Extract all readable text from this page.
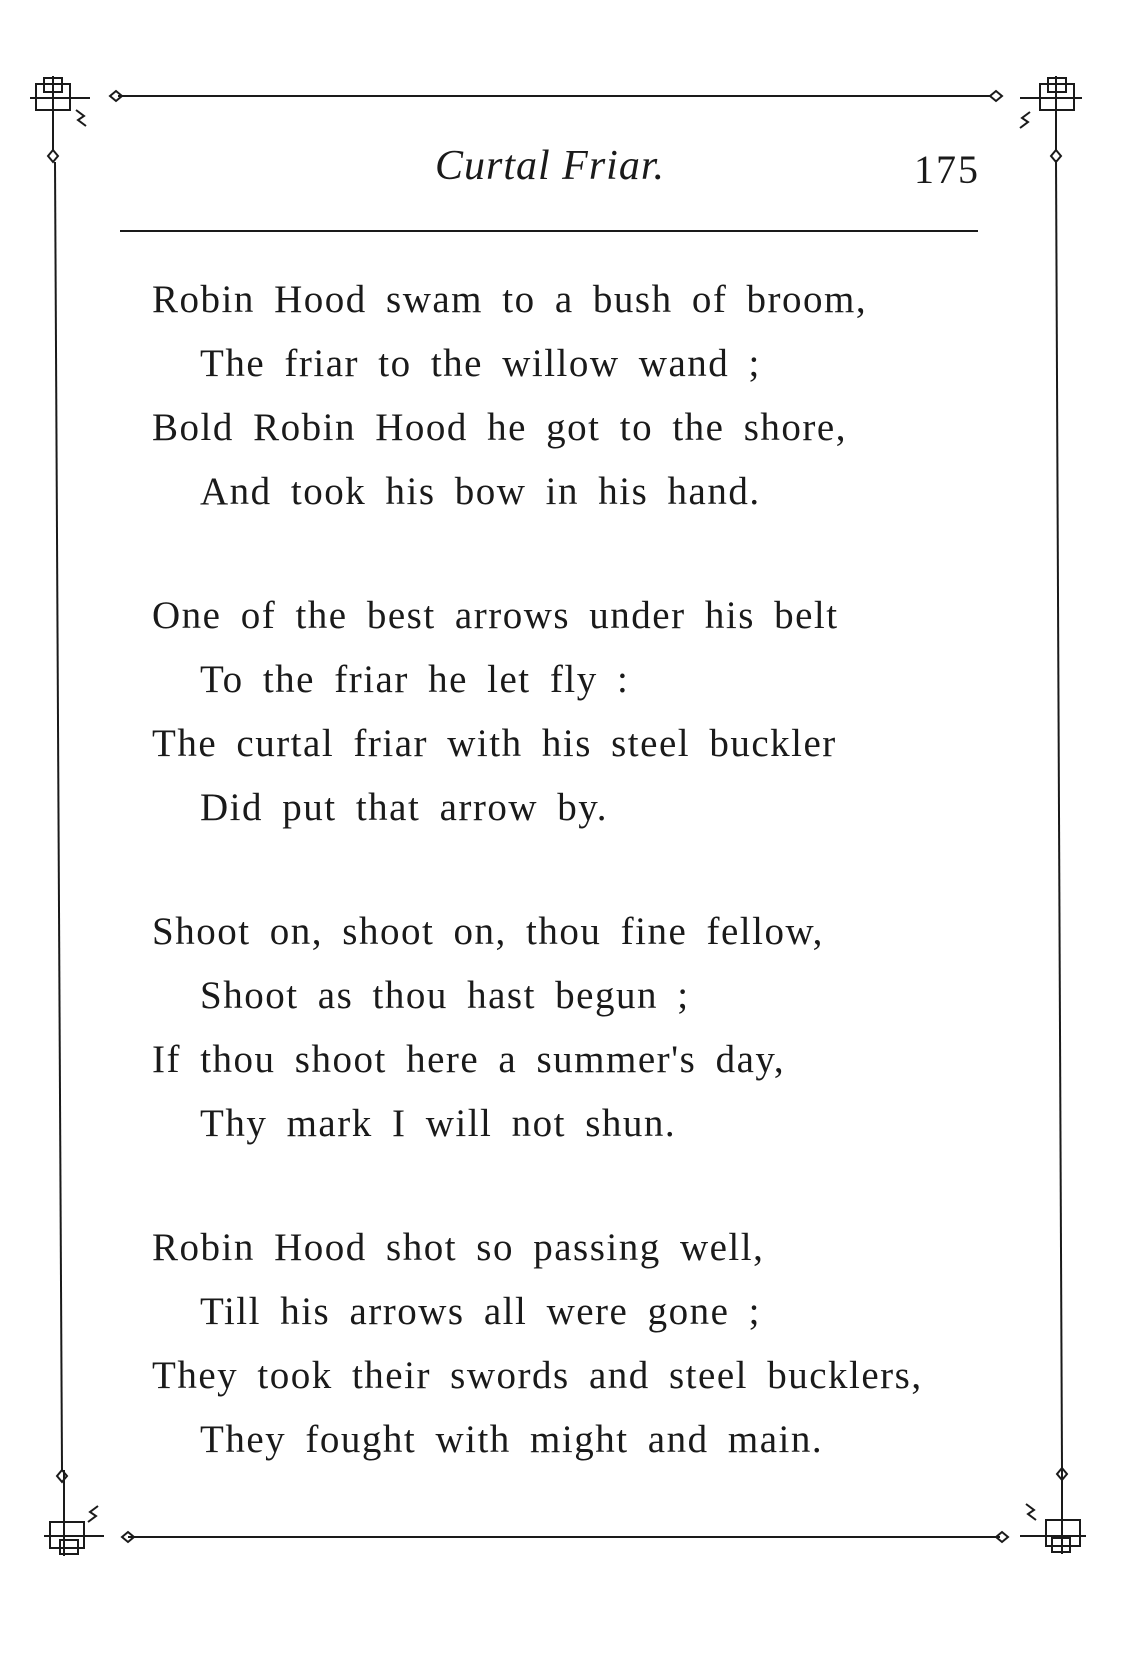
Curtal Friar.	175
Robin Hood swam to a bush of broom,
The friar to the willow wand ;
Bold Robin Hood he got to the shore,
And took his bow in his hand.
One of the best arrows under his belt
To the friar he let fly :
The curtal friar with his steel buckler
Did put that arrow by.
Shoot on, shoot on, thou fine fellow,
Shoot as thou hast begun ;
If thou shoot here a summer's day,
Thy mark I will not shun.
Robin Hood shot so passing well,
Till his arrows all were gone ;
They took their swords and steel bucklers,
They fought with might and main.
